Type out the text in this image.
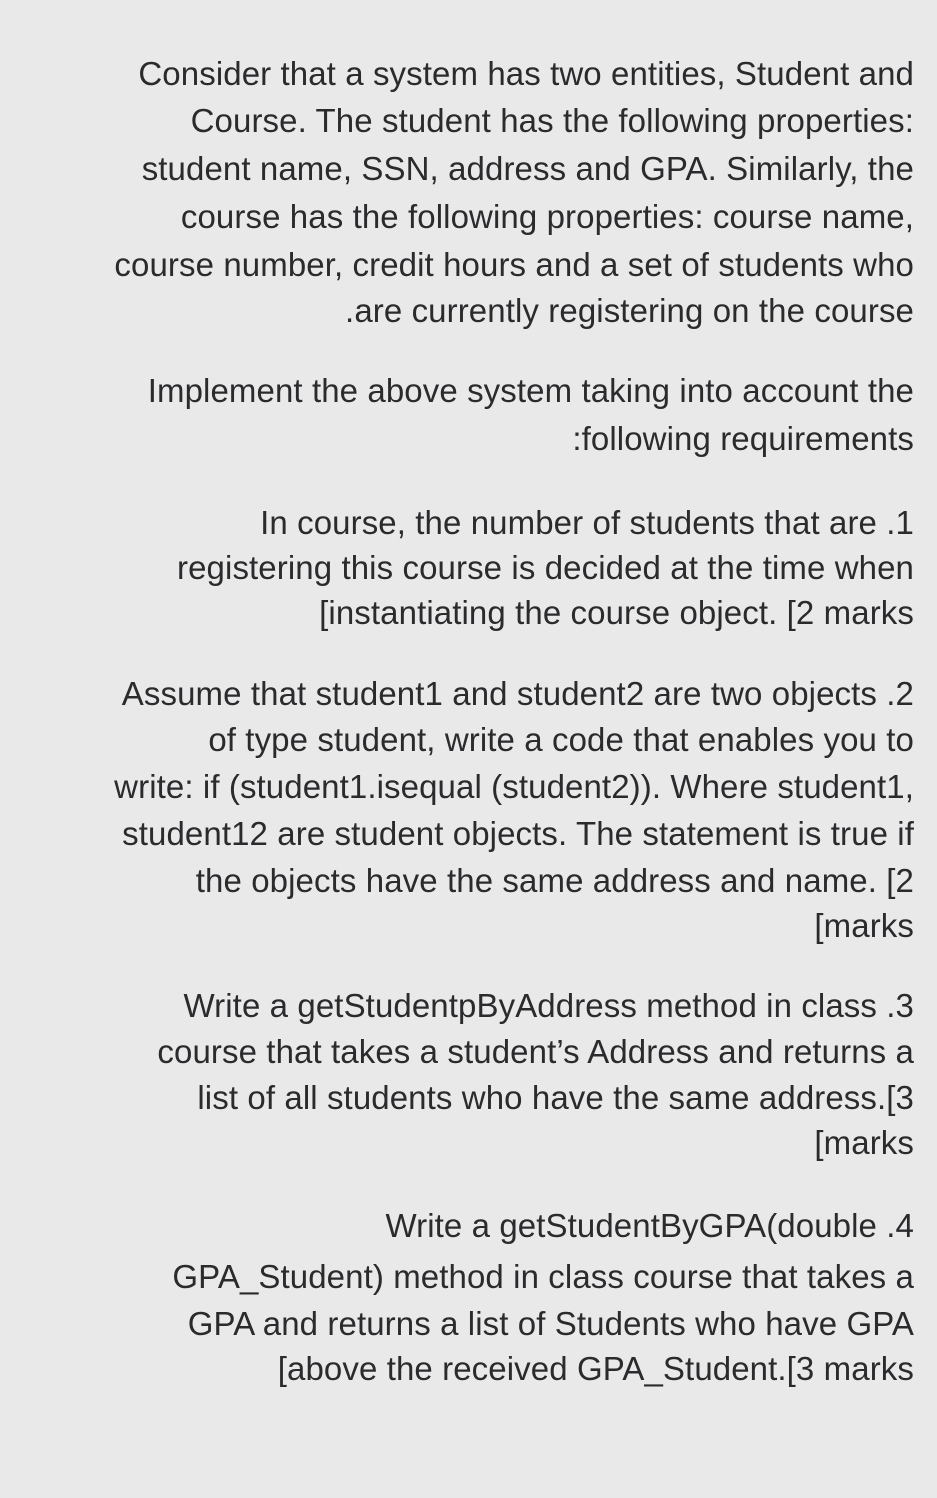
Consider that a system has two entities, Student and
Course. The student has the following properties:
student name, SSN, address and GPA. Similarly, the
course has the following properties: course name,
course number, credit hours and a set of students who
.are currently registering on the course
Implement the above system taking into account the
:following requirements
In course, the number of students that are .1
registering this course is decided at the time when
[instantiating the course object. [2 marks
Assume that student1 and student2 are two objects .2
of type student, write a code that enables you to
write: if (student1.isequal (student2)). Where student1,
student12 are student objects. The statement is true if
the objects have the same address and name. [2
[marks
Write a getStudentpByAddress method in class .3
course that takes a student’s Address and returns a
list of all students who have the same address.[3
[marks
Write a getStudentByGPA(double .4
GPA_Student) method in class course that takes a
GPA and returns a list of Students who have GPA
[above the received GPA_Student.[3 marks
